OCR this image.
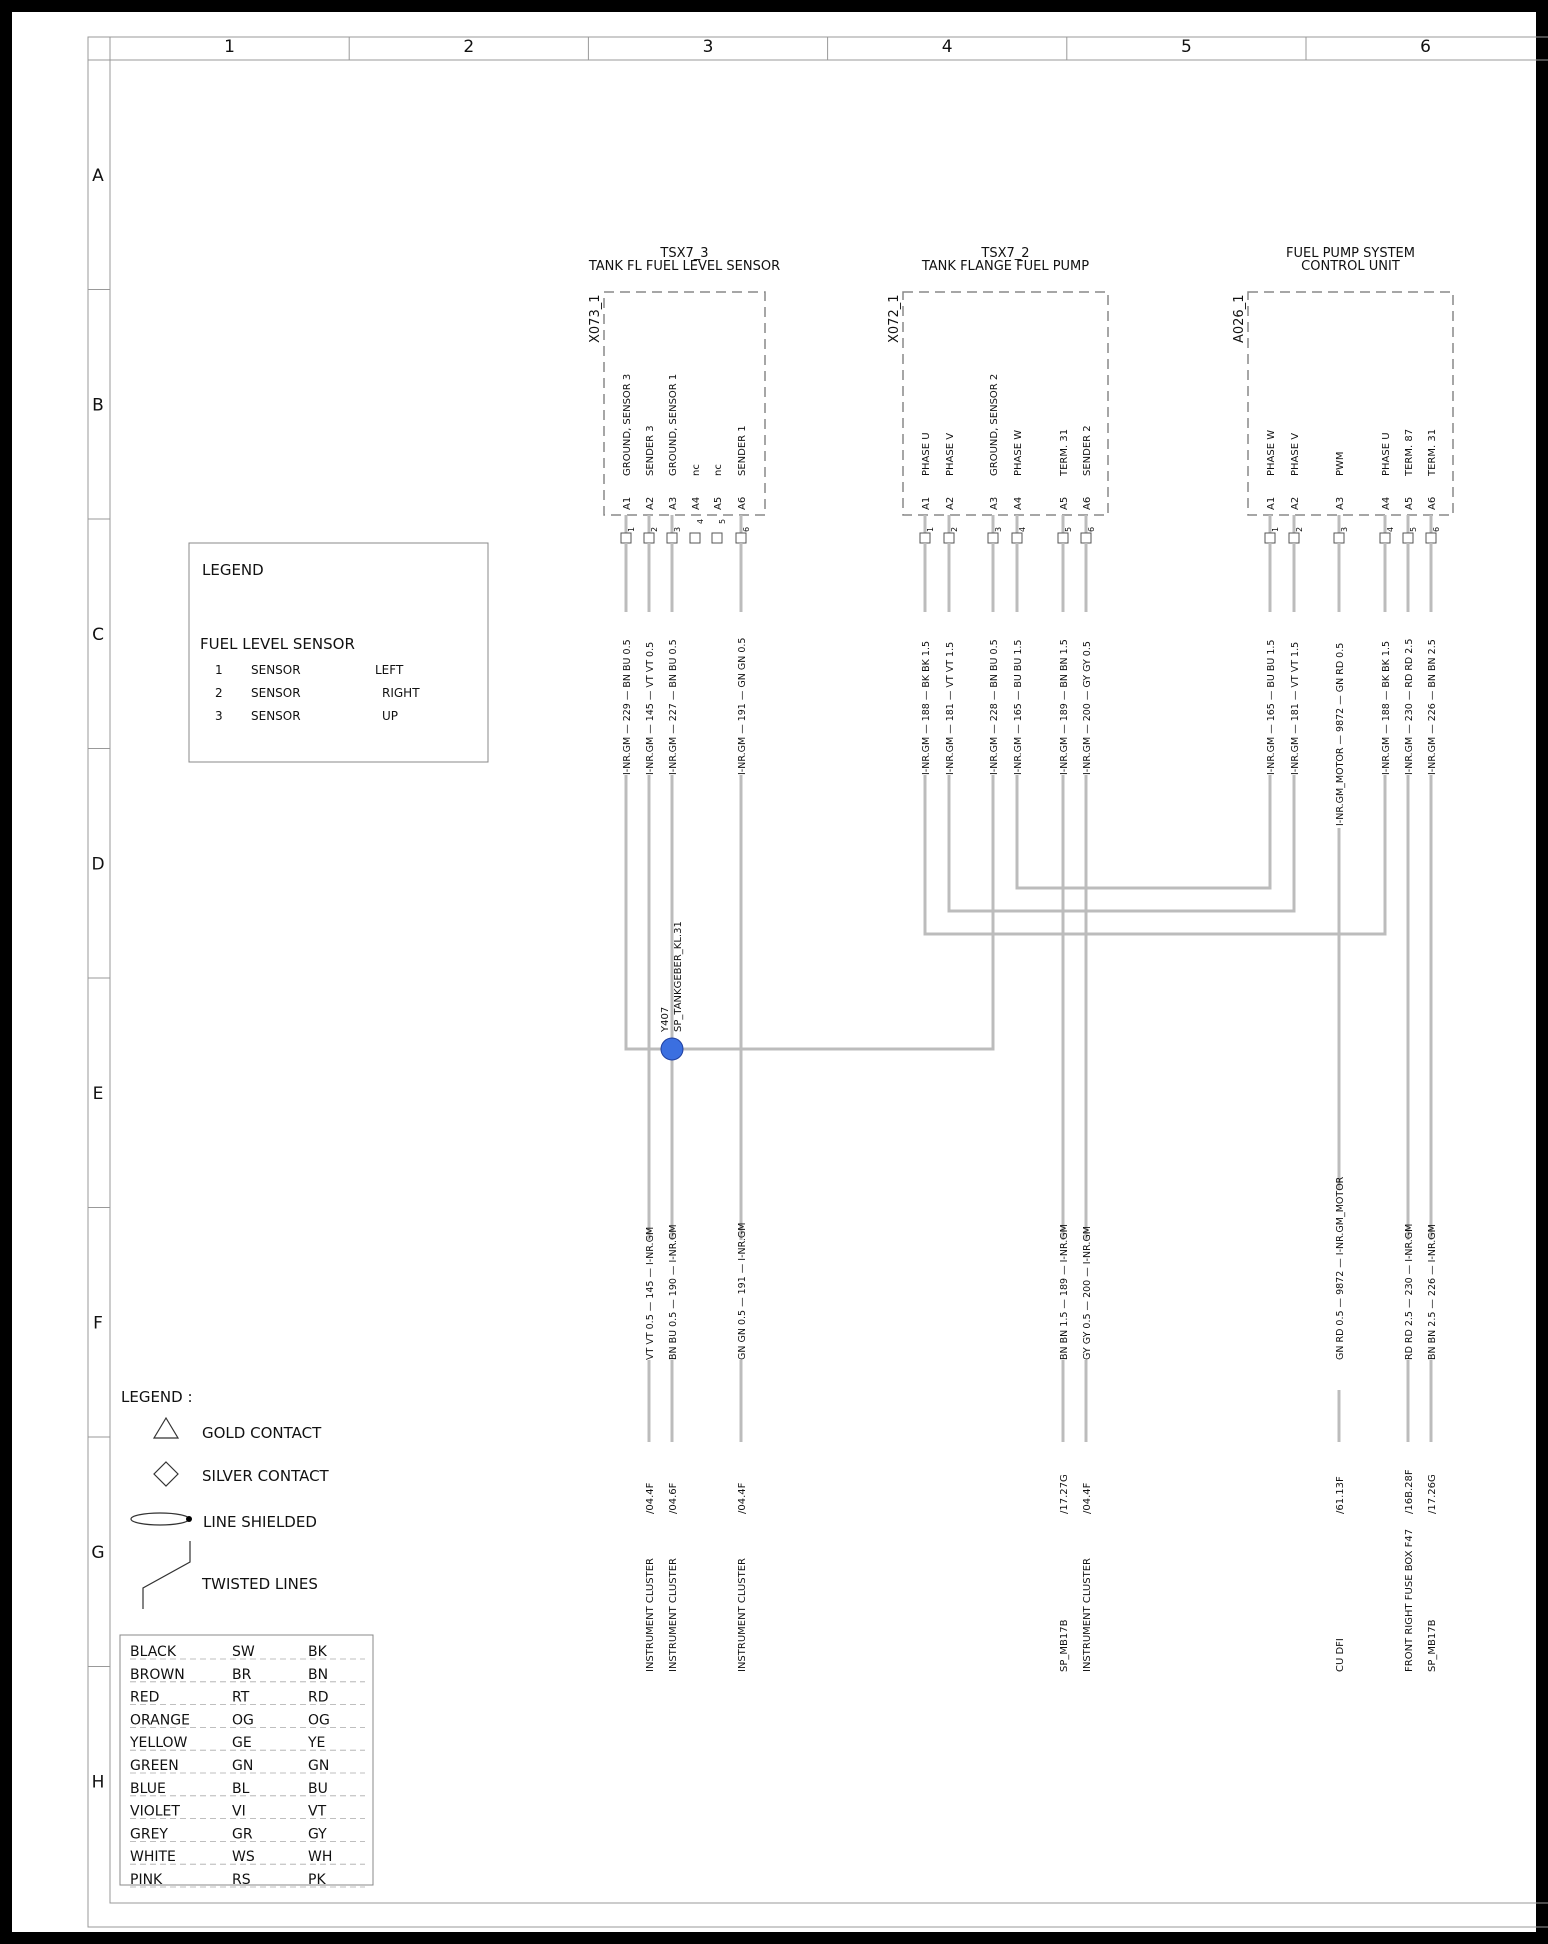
1	2	3	4	5	6
A
B
C
D
E
F
G
H
TSX7_3
TANK FL FUEL LEVEL SENSOR
X073_1
GROUND, SENSOR 3
A1
1
SENDER 3
A2
2
GROUND, SENSOR 1
A3
3
nc
A4
4
nc
A5
5
SENDER 1
A6
6
TSX7_2
TANK FLANGE FUEL PUMP
X072_1
PHASE U
A1
1
PHASE V
A2
2
GROUND, SENSOR 2
A3
3
PHASE W
A4
4
TERM. 31
A5
5
SENDER 2
A6
6
FUEL PUMP SYSTEM
CONTROL UNIT
A026_1
PHASE W
A1
1
PHASE V
A2
2
PWM
A3
3
PHASE U
A4
4
TERM. 87
A5
5
TERM. 31
A6
6
I-NR.GM — 229 — BN BU 0.5 I-NR.GM — 145 — VT VT 0.5 I-NR.GM — 227 — BN BU 0.5	I-NR.GM — 191 — GN GN 0.5	I-NR.GM — 188 — BK BK 1.5 I-NR.GM — 181 — VT VT 1.5	I-NR.GM — 228 — BN BU 0.5 I-NR.GM — 165 — BU BU 1.5	I-NR.GM — 189 — BN BN 1.5 I-NR.GM — 200 — GY GY 0.5	I-NR.GM — 165 — BU BU 1.5 I-NR.GM — 181 — VT VT 1.5	I-NR.GM_MOTOR — 9872 — GN RD 0.5	I-NR.GM — 188 — BK BK 1.5 I-NR.GM — 230 — RD RD 2.5 I-NR.GM — 226 — BN BN 2.5
Y407 SP_TANKGEBER_KL.31
VT VT 0.5 — 145 — I-NR.GM
/04.4F
INSTRUMENT CLUSTER
BN BU 0.5 — 190 — I-NR.GM
/04.6F
INSTRUMENT CLUSTER
GN GN 0.5 — 191 — I-NR.GM
/04.4F
INSTRUMENT CLUSTER
BN BN 1.5 — 189 — I-NR.GM
/17.27G
SP_MB17B
GY GY 0.5 — 200 — I-NR.GM
/04.4F
INSTRUMENT CLUSTER
GN RD 0.5 — 9872 — I-NR.GM_MOTOR
/61.13F
CU DFI
RD RD 2.5 — 230 — I-NR.GM
/16B.28F
FRONT RIGHT FUSE BOX F47
BN BN 2.5 — 226 — I-NR.GM
/17.26G
SP_MB17B
LEGEND
FUEL LEVEL SENSOR
1 SENSOR	LEFT
2 SENSOR	RIGHT
3 SENSOR	UP
LEGEND :
GOLD CONTACT
SILVER CONTACT
LINE SHIELDED
TWISTED LINES
BLACK	SW	BK
BROWN	BR	BN
RED	RT	RD
ORANGE	OG	OG
YELLOW	GE	YE
GREEN	GN	GN
BLUE	BL	BU
VIOLET	VI	VT
GREY	GR	GY
WHITE	WS	WH
PINK	RS	PK
